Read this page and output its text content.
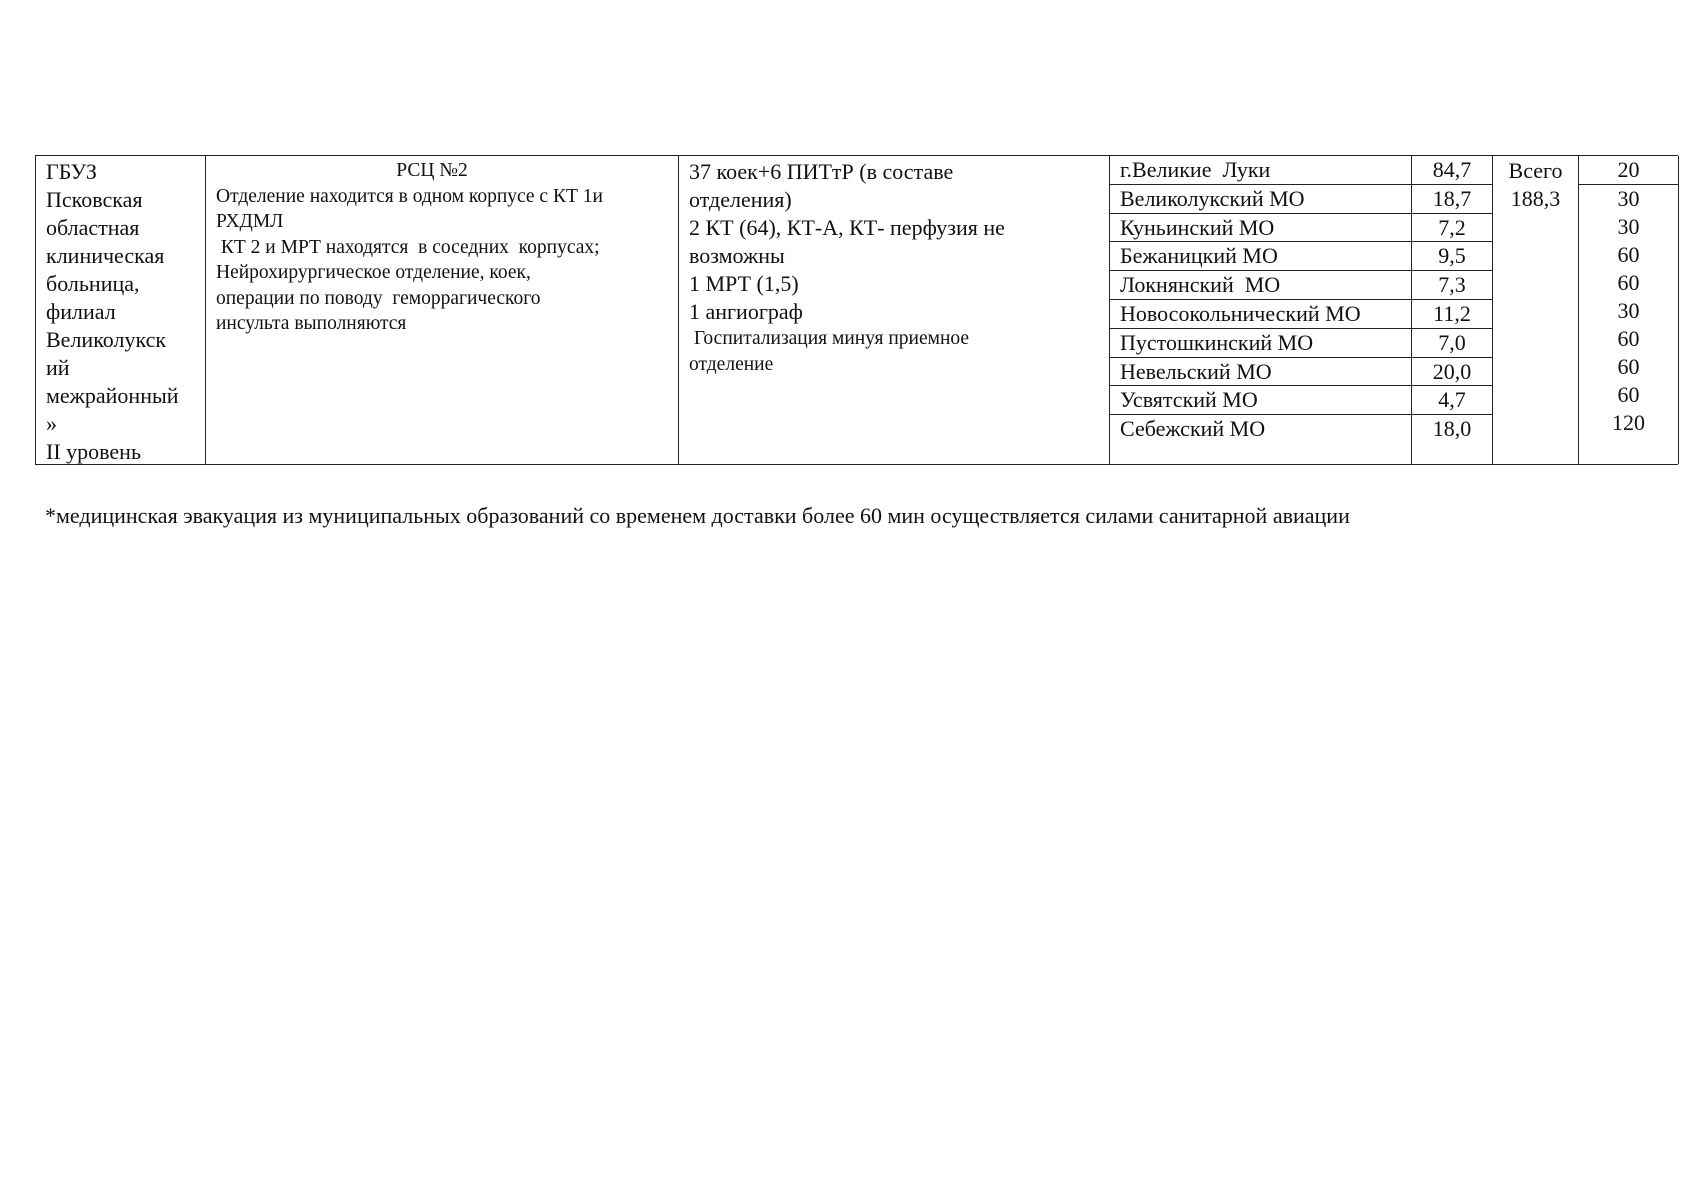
ГБУЗ
Псковская
областная
клиническая
больница,
филиал
Великолукск
ий
межрайонный
»
II уровень
РСЦ №2
Отделение находится в одном корпусе с КТ 1и
РХДМЛ
КТ 2 и МРТ находятся  в соседних  корпусах;
Нейрохирургическое отделение, коек,
операции по поводу  геморрагического
инсульта выполняются
37 коек+6 ПИТтР (в составе
отделения)
2 КТ (64), КТ-А, КТ- перфузия не
возможны
1 МРТ (1,5)
1 ангиограф
Госпитализация минуя приемное
отделение
г.Великие  Луки
Великолукский МО
Куньинский МО
Бежаницкий МО
Локнянский  МО
Новосокольнический МО
Пустошкинский МО
Невельский МО
Усвятский МО
Себежский МО
84,7
18,7
7,2
9,5
7,3
11,2
7,0
20,0
4,7
18,0
Всего
188,3
20
30
30
60
60
30
60
60
60
120
*медицинская эвакуация из муниципальных образований со временем доставки более 60 мин осуществляется силами санитарной авиации
